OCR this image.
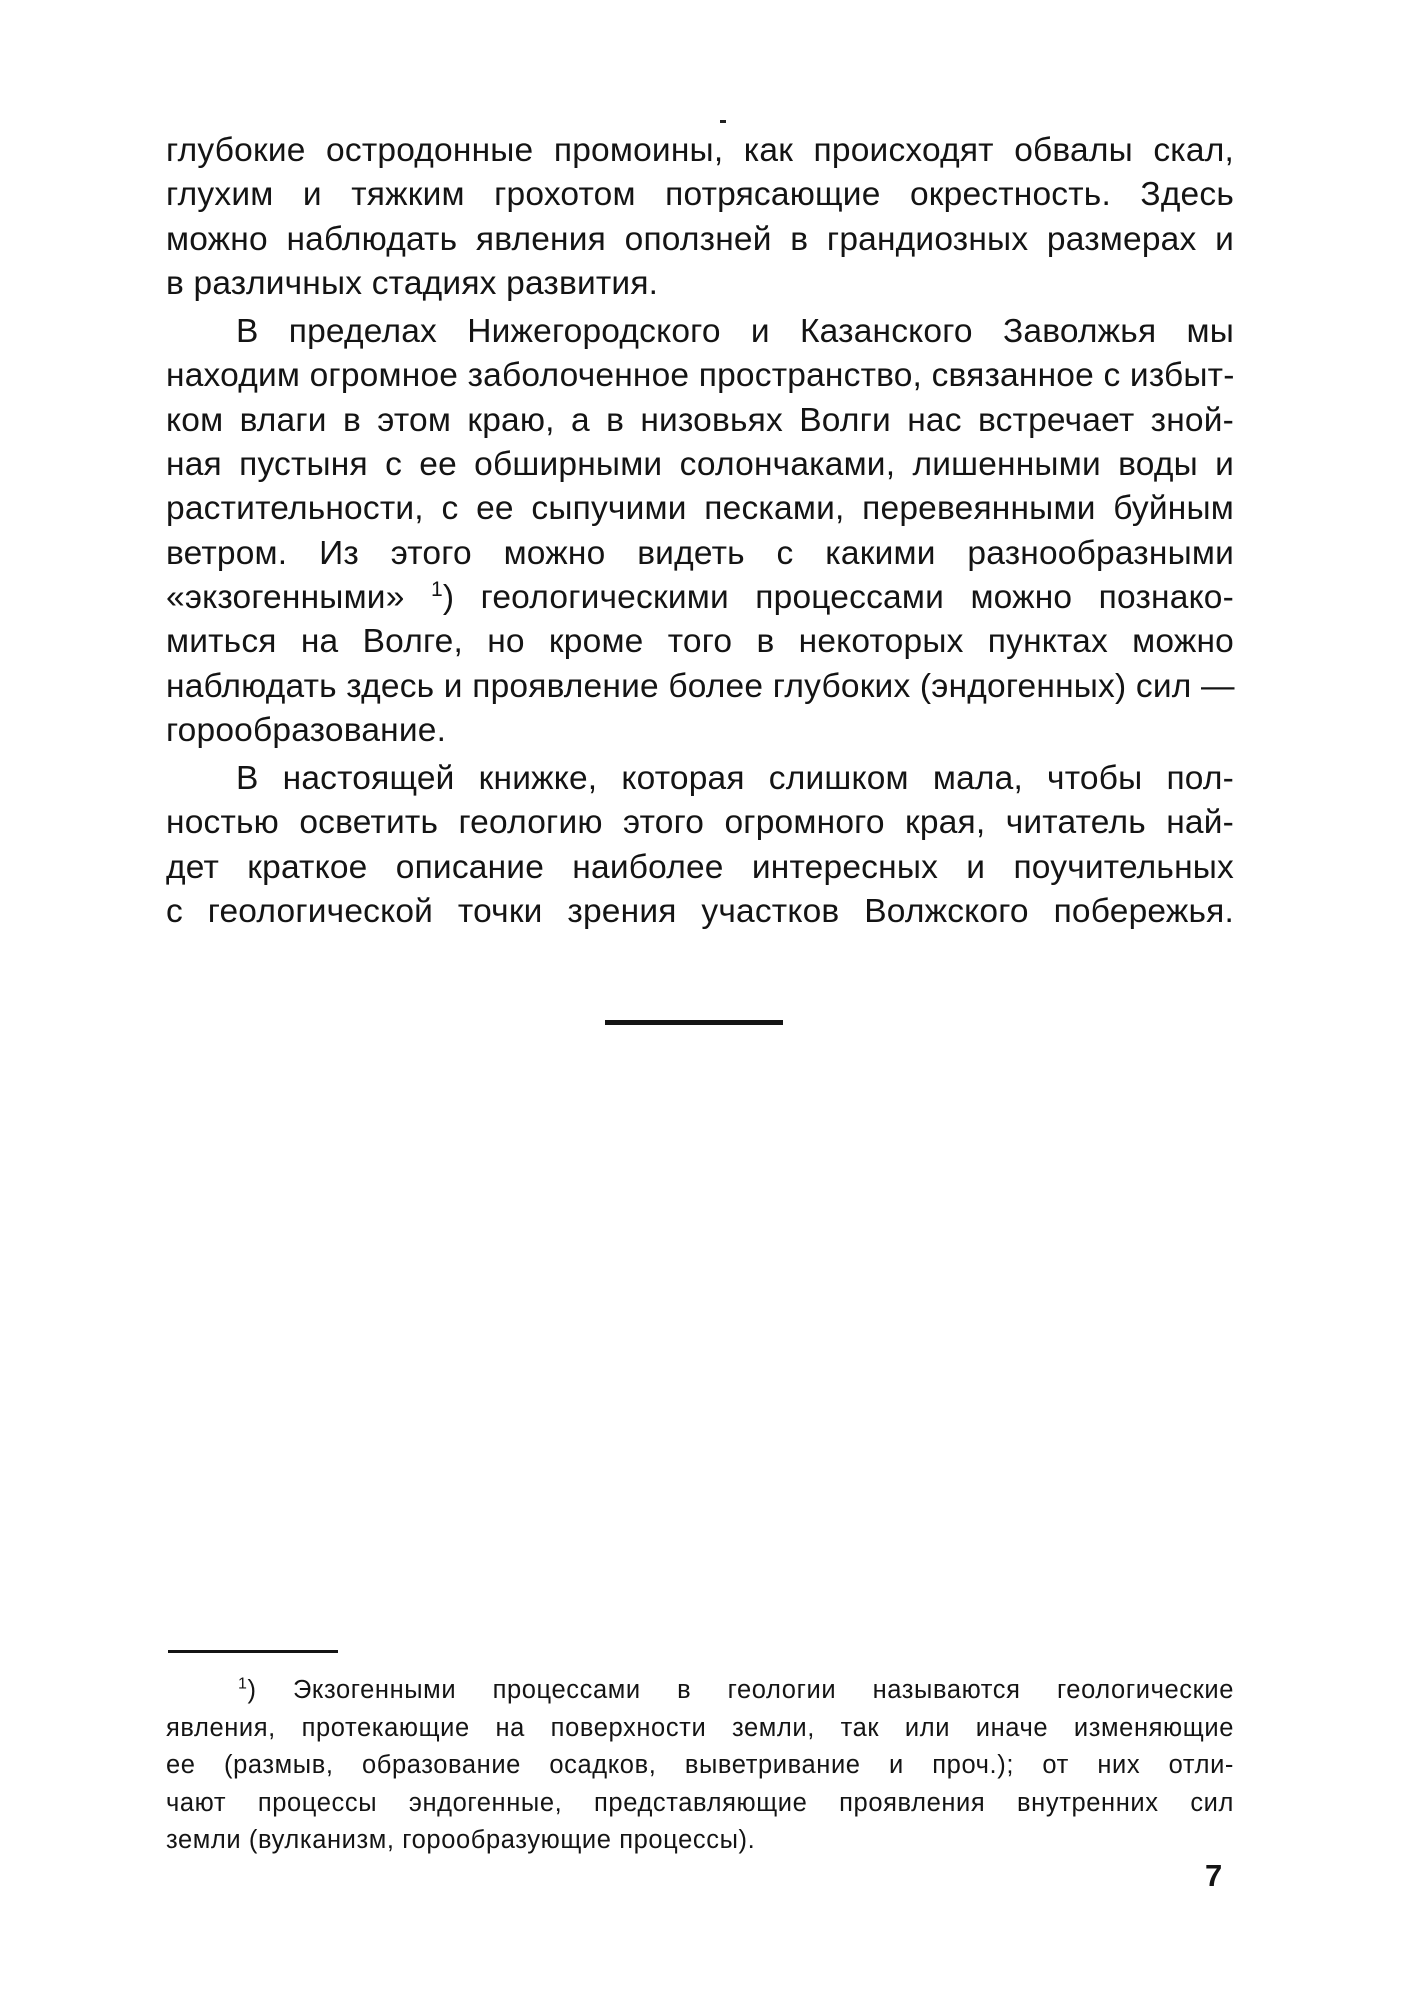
глубокие остродонные промоины, как происходят обвалы скал,
глухим и тяжким грохотом потрясающие окрестность. Здесь
можно наблюдать явления оползней в грандиозных размерах и
в различных стадиях развития.
В пределах Нижегородского и Казанского Заволжья мы
находим огромное заболоченное пространство, связанное с избыт-
ком влаги в этом краю, а в низовьях Волги нас встречает зной-
ная пустыня с ее обширными солончаками, лишенными воды и
растительности, с ее сыпучими песками, перевеянными буйным
ветром. Из этого можно видеть с какими разнообразными
«экзогенными» $^1$) геологическими процессами можно познако-
миться на Волге, но кроме того в некоторых пунктах можно
наблюдать здесь и проявление более глубоких (эндогенных) сил —
горообразование.
В настоящей книжке, которая слишком мала, чтобы пол-
ностью осветить геологию этого огромного края, читатель най-
дет краткое описание наиболее интересных и поучительных
с геологической точки зрения участков Волжского побережья.
$^1$) Экзогенными процессами в геологии называются геологические
явления, протекающие на поверхности земли, так или иначе изменяющие
ее (размыв, образование осадков, выветривание и проч.); от них отли-
чают процессы эндогенные, представляющие проявления внутренних сил
земли (вулканизм, горообразующие процессы).
7
